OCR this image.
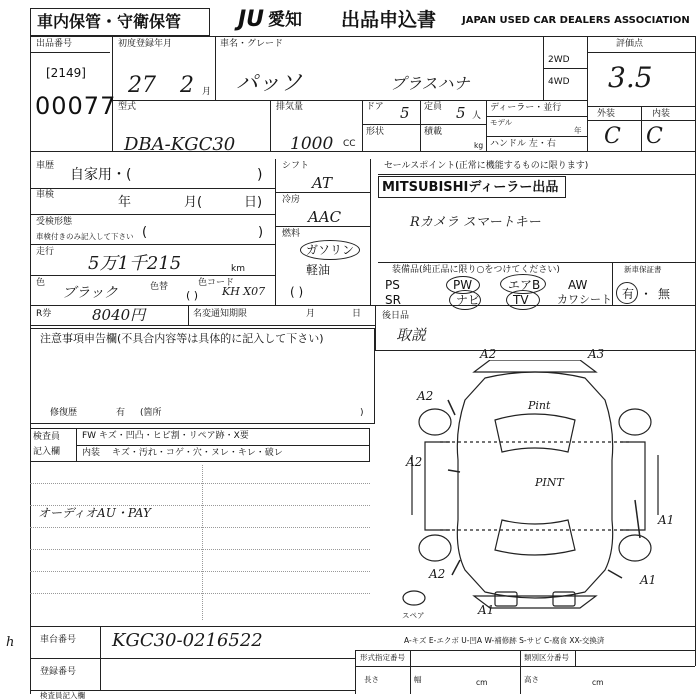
車内保管・守衛保管	JU 愛知 出品申込書	JAPAN USED CAR DEALERS ASSOCIATION
出品番号
[2149]
00077
初度登録年月
27 2 月
車名・グレード
パッソ	プラスハナ
2WD
4WD
評価点
3.5
外装	内装
C C
型式
DBA-KGC30
排気量
1000 CC
ドア 5 定員 5 人
形状	積載
kg
ディーラー・並行
モデル
年
ハンドル 左・右
車歴
自家用・(	)
車検	年	月(	日)
受検形態
車検付きのみ記入して下さい (	)
走行
5万1千215	km
色
ブラック	色替	色コード
KH X07
( )
シフト
AT
冷房
AAC
燃料
ガソリン
軽油
( )
セールスポイント(正常に機能するものに限ります)
MITSUBISHIディーラー出品
Rカメラ スマートキー
装備品(純正品に限り○をつけてください)
PS	PW	エアB AW
SR	ナビ	TV	カワシート
新車保証書
有 ・ 無
R券	8040円	名変通知期限	月	日 後日品
取説
注意事項申告欄(不具合内容等は具体的に記入して下さい)
修復歴	有 (箇所	)
検査員
記入欄
FW キズ・凹凸・ヒビ割・リペア跡・X要
内装 キズ・汚れ・コゲ・穴・ヌレ・キレ・破レ
オーディオAU・PAY
A2	A3
A2
A2
A1
A2	A1
A1
Pint
PINT
スペア
A-キズ E-エクボ U-凹A W-補修跡 S-サビ C-腐食 XX-交換済
h	車台番号 KGC30-0216522
登録番号
形式指定番号	類別区分番号
長さ	cm
幅	高さ	cm
検査員記入欄
